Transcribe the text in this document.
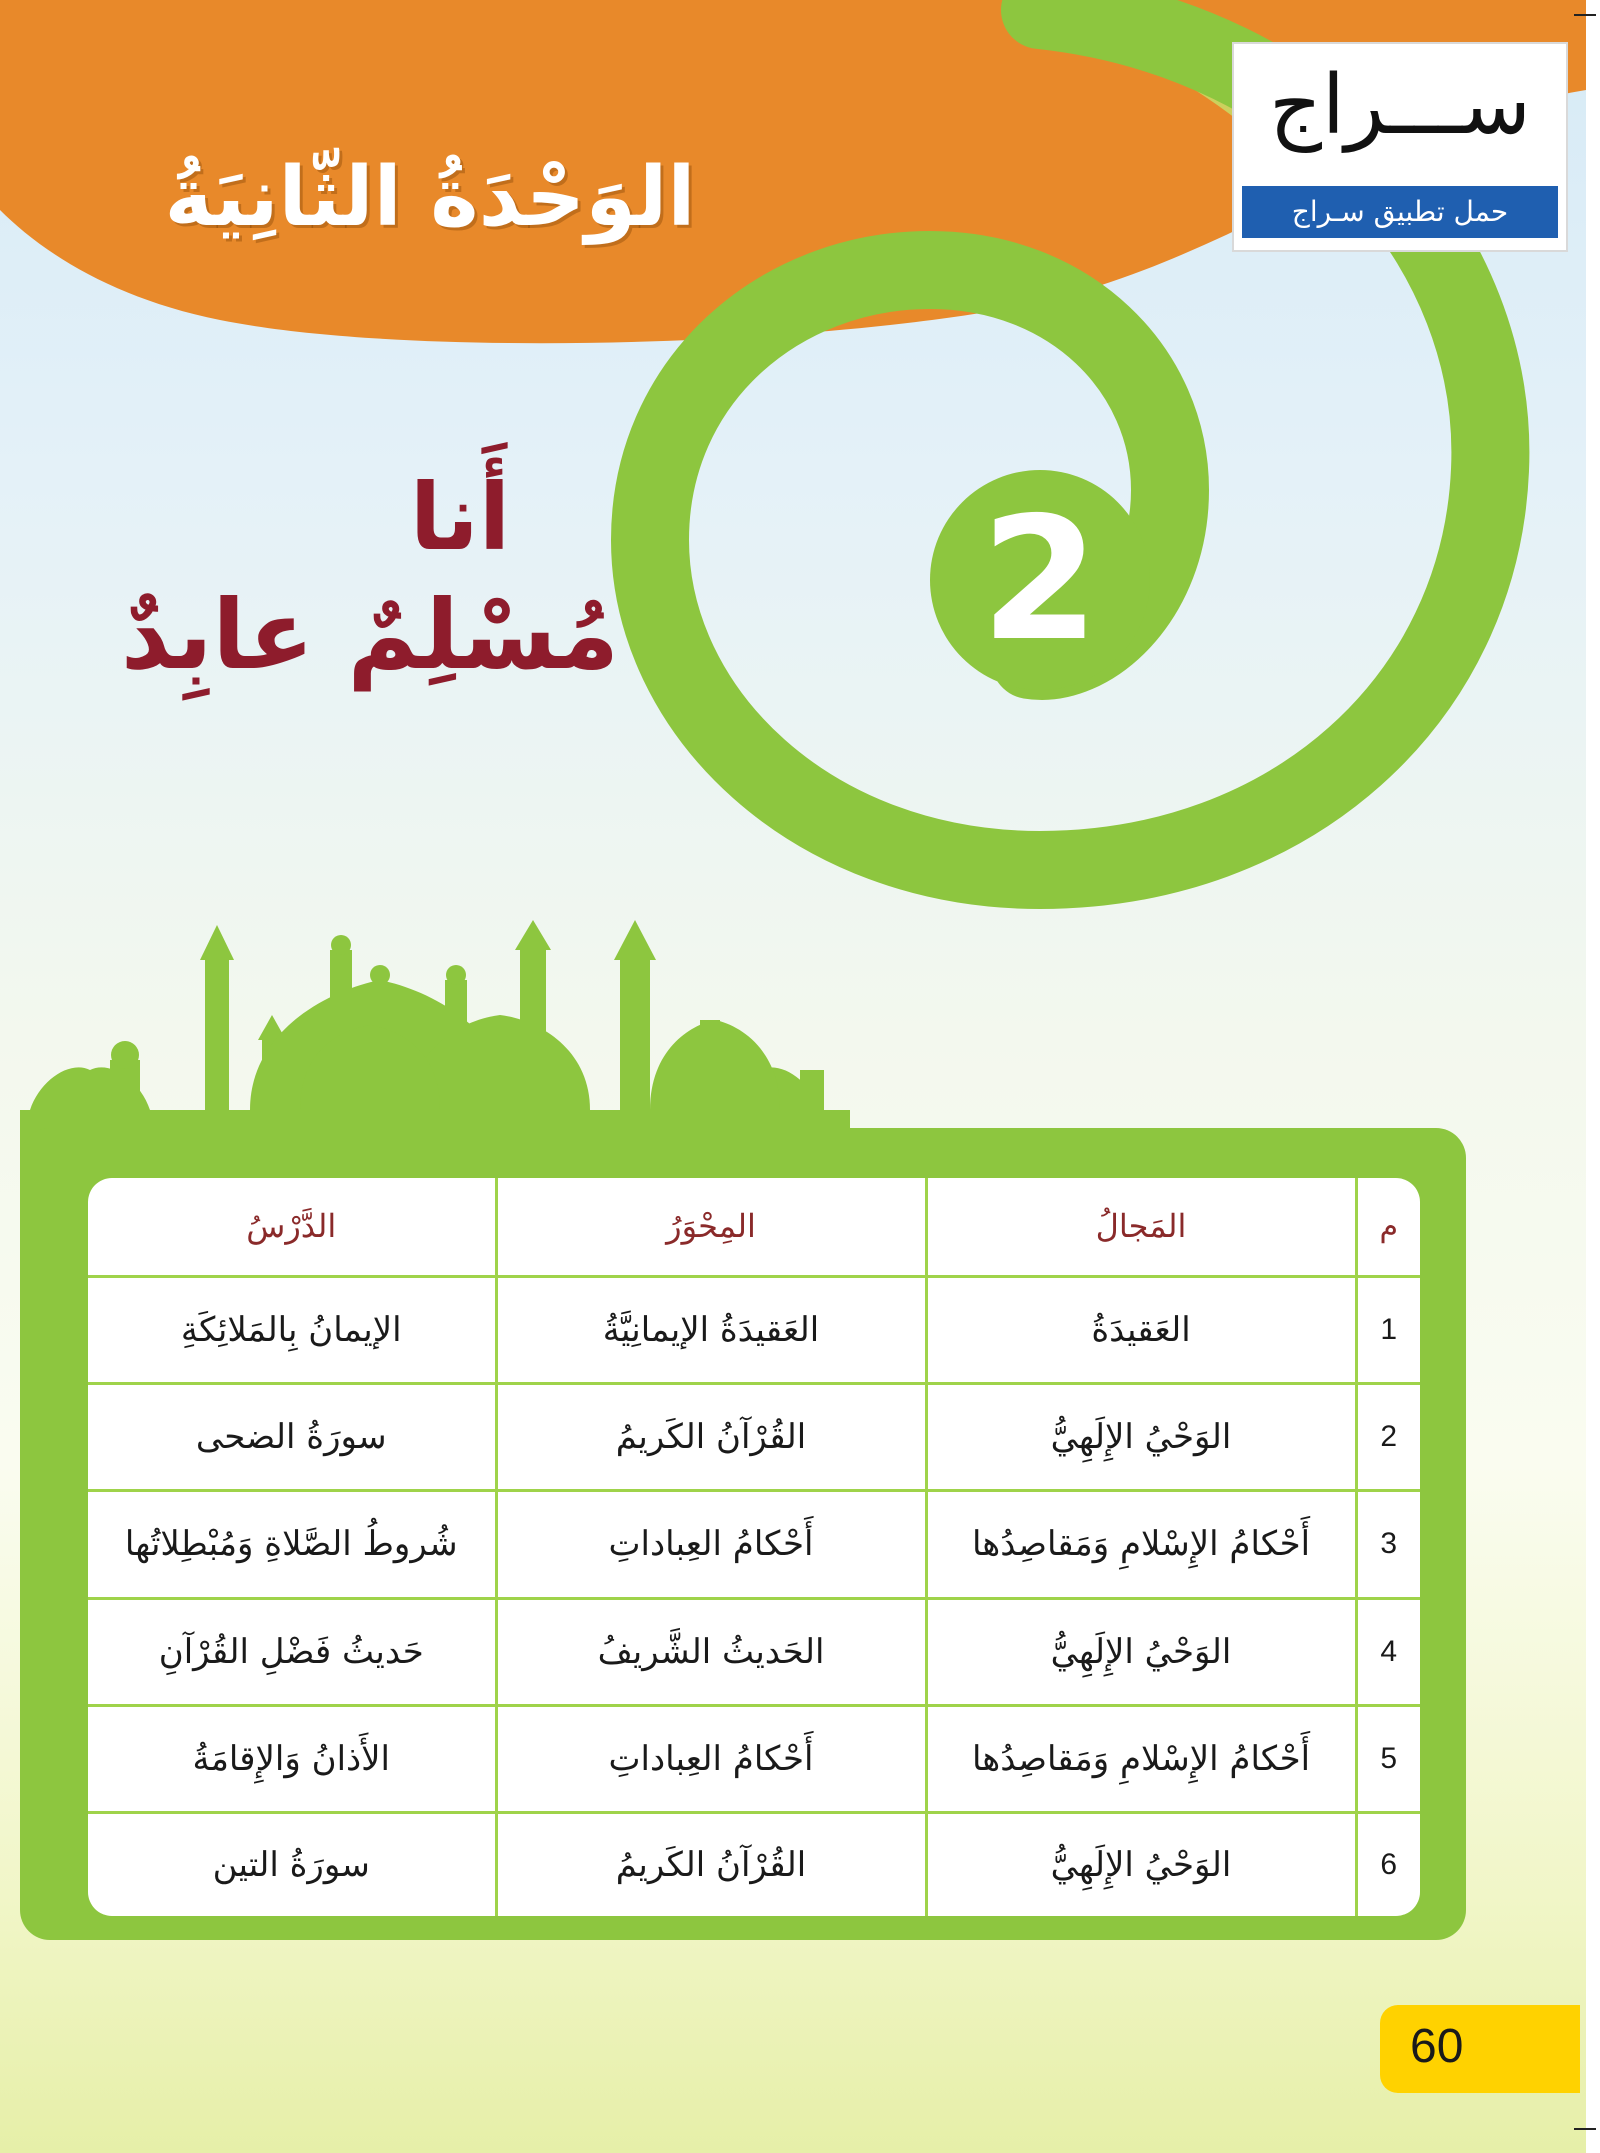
الوَحْدَةُ الثّانِيَةُ
2
أَنا
مُسْلِمٌ عابِدٌ
ســـراج
حمل تطبيق سـراج
م	المَجالُ	المِحْوَرُ	الدَّرْسُ
1	العَقيدَةُ	العَقيدَةُ الإيمانِيَّةُ	الإيمانُ بِالمَلائِكَةِ
2	الوَحْيُ الإِلَهِيُّ	القُرْآنُ الكَريمُ	سورَةُ الضحى
3	أَحْكامُ الإِسْلامِ وَمَقاصِدُها	أَحْكامُ العِباداتِ	شُروطُ الصَّلاةِ وَمُبْطِلاتُها
4	الوَحْيُ الإِلَهِيُّ	الحَديثُ الشَّريفُ	حَديثُ فَضْلِ القُرْآنِ
5	أَحْكامُ الإِسْلامِ وَمَقاصِدُها	أَحْكامُ العِباداتِ	الأَذانُ وَالإِقامَةُ
6	الوَحْيُ الإِلَهِيُّ	القُرْآنُ الكَريمُ	سورَةُ التين
60
